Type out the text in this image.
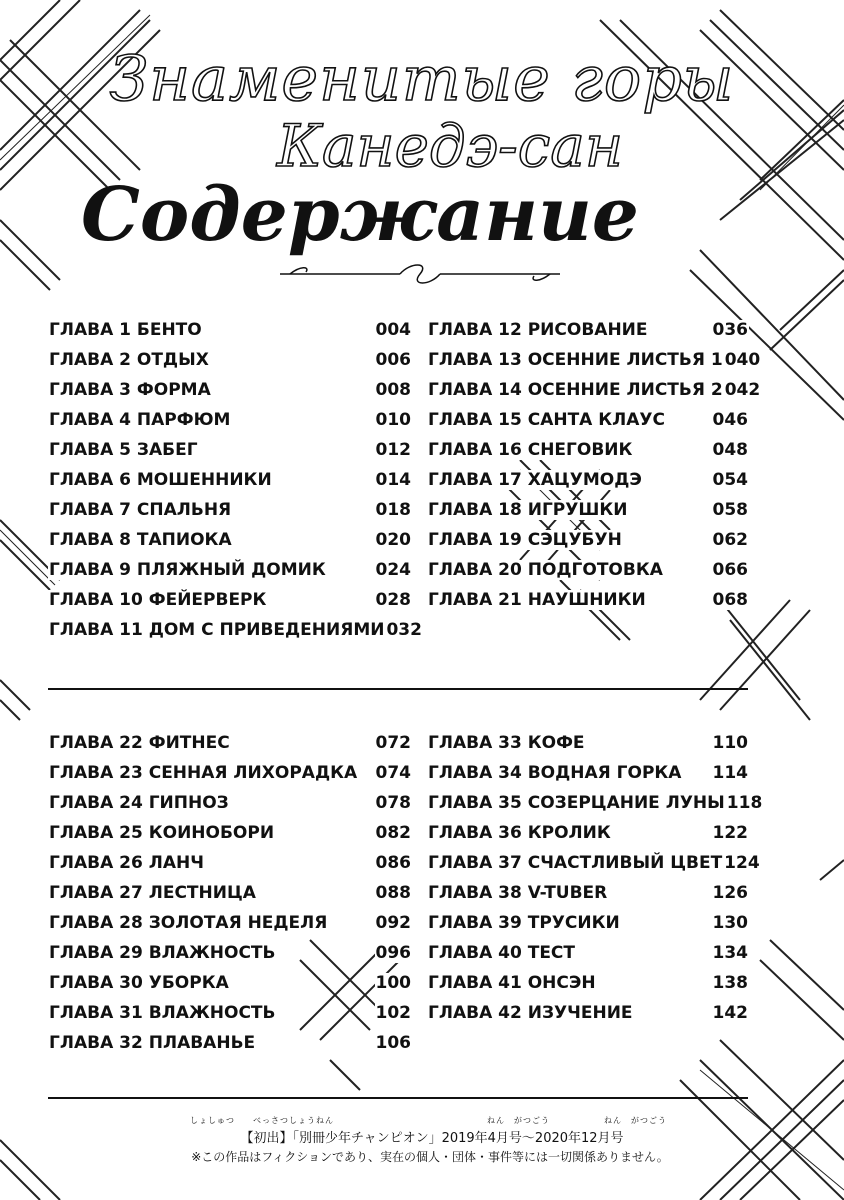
Знаменитые горы
Канедэ-сан
Содержание
ГЛАВА 1 БЕНТО	004
ГЛАВА 2 ОТДЫХ	006
ГЛАВА 3 ФОРМА	008
ГЛАВА 4 ПАРФЮМ	010
ГЛАВА 5 ЗАБЕГ	012
ГЛАВА 6 МОШЕННИКИ	014
ГЛАВА 7 СПАЛЬНЯ	018
ГЛАВА 8 ТАПИОКА	020
ГЛАВА 9 ПЛЯЖНЫЙ ДОМИК	024
ГЛАВА 10 ФЕЙЕРВЕРК	028
ГЛАВА 11 ДОМ С ПРИВЕДЕНИЯМИ 032
ГЛАВА 12 РИСОВАНИЕ	036
ГЛАВА 13 ОСЕННИЕ ЛИСТЬЯ 1 040
ГЛАВА 14 ОСЕННИЕ ЛИСТЬЯ 2 042
ГЛАВА 15 САНТА КЛАУС	046
ГЛАВА 16 СНЕГОВИК	048
ГЛАВА 17 ХАЦУМОДЭ	054
ГЛАВА 18 ИГРУШКИ	058
ГЛАВА 19 СЭЦУБУН	062
ГЛАВА 20 ПОДГОТОВКА	066
ГЛАВА 21 НАУШНИКИ	068
ГЛАВА 22 ФИТНЕС	072
ГЛАВА 23 СЕННАЯ ЛИХОРАДКА 074
ГЛАВА 24 ГИПНОЗ	078
ГЛАВА 25 КОИНОБОРИ	082
ГЛАВА 26 ЛАНЧ	086
ГЛАВА 27 ЛЕСТНИЦА	088
ГЛАВА 28 ЗОЛОТАЯ НЕДЕЛЯ	092
ГЛАВА 29 ВЛАЖНОСТЬ	096
ГЛАВА 30 УБОРКА	100
ГЛАВА 31 ВЛАЖНОСТЬ	102
ГЛАВА 32 ПЛАВАНЬЕ	106
ГЛАВА 33 КОФЕ	110
ГЛАВА 34 ВОДНАЯ ГОРКА 114
ГЛАВА 35 СОЗЕРЦАНИЕ ЛУНЫ 118
ГЛАВА 36 КРОЛИК	122
ГЛАВА 37 СЧАСТЛИВЫЙ ЦВЕТ 124
ГЛАВА 38 V-TUBER	126
ГЛАВА 39 ТРУСИКИ	130
ГЛАВА 40 ТЕСТ	134
ГЛАВА 41 ОНСЭН	138
ГЛАВА 42 ИЗУЧЕНИЕ	142
しょしゅつ　　べっさつしょうねん　　　　　　　　　　　　　　　　　ねん　がつごう　　　　　　ねん　がつごう
【初出】「別冊少年チャンピオン」2019年4月号～2020年12月号
※この作品はフィクションであり、実在の個人・団体・事件等には一切関係ありません。
